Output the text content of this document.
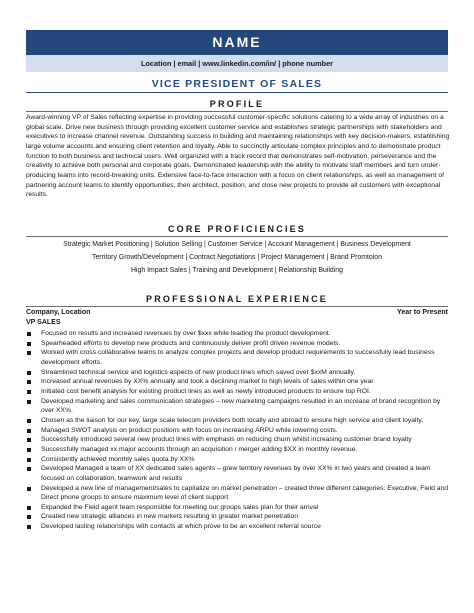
NAME
Location | email | www.linkedin.com/in/ | phone number
VICE PRESIDENT OF SALES
PROFILE
Award-winning VP of Sales reflecting expertise in providing successful customer-specific solutions catering to a wide array of industries on a global scale. Drive new business through providing excellent customer service and establishes strategic partnerships with stakeholders and executives to increase channel revenue. Outstanding success in building and maintaining relationships with key decision-makers, establishing large volume accounts and ensuring client retention and loyalty. Able to succinctly articulate complex principles and to demonstrate product function to both business and technical users. Well organized with a track record that demonstrates self-motivation, perseverance and the creativity to achieve both personal and corporate goals. Demonstrated leadership with the ability to motivate staff members and turn under-producing teams into record-breaking units. Extensive face-to-face interaction with a focus on client relationships, as well as management of partnering account teams to identify opportunities, then architect, position, and close new projects to provide all customers with exceptional results.
CORE PROFICIENCIES
Strategic Market Positioning | Solution Selling | Customer Service | Account Management | Business Development
Territory Growth/Development | Contract Negotiations | Project Management | Brand Promtoion
High Impact Sales | Training and Development | Relationship Building
Company, Location	Year to Present
VP SALES
Focused on results and increased revenues by over $xxx while leading the product development.
Spearheaded efforts to develop new products and continuously deliver profit driven revenue models.
Worked with cross collaborative teams to analyze complex projects and develop product requirements to successfully lead business development efforts.
Streamlined technical service and logistics aspects of new product lines which saved over $xxM annually.
Increased annual revenues by XX% annually and took a declining market to high levels of sales within one year
Initiated cost benefit analysis for existing product lines as well as newly introduced products to ensure top ROI.
Developed marketing and sales communication strategies – new marketing campaigns resulted in an increase of brand recognition by over XX%.
Chosen as the liaison for our key, large scale telecom providers both locally and abroad to ensure high service and client loyalty.
Managed SWOT analysis on product positions with focus on increasing ARPU while lowering costs.
Successfully introduced several new product lines with emphasis on reducing churn whilst increasing customer brand loyalty
Successfully managed xx major accounts through an acquisition / merger adding $XX in monthly revenue.
Consistently achieved monthly sales quota by XX%
Developed Managed a team of XX dedicated sales agents – grew territory revenues by over XX% in two years and created a team focused on collaboration, teamwork and results
Developed a new line of management/sales to capitalize on market penetration – created three different categories: Executive, Field and Direct phone groups to ensure maximum level of client support
Expanded the Field agent team responsible for meeting our groups sales plan for their arrival
Created new strategic alliances in new markets resulting in greater market penetration
Developed lasting relationships with contacts at which prove to be an excellent referral source
PROFESSIONAL EXPERIENCE
